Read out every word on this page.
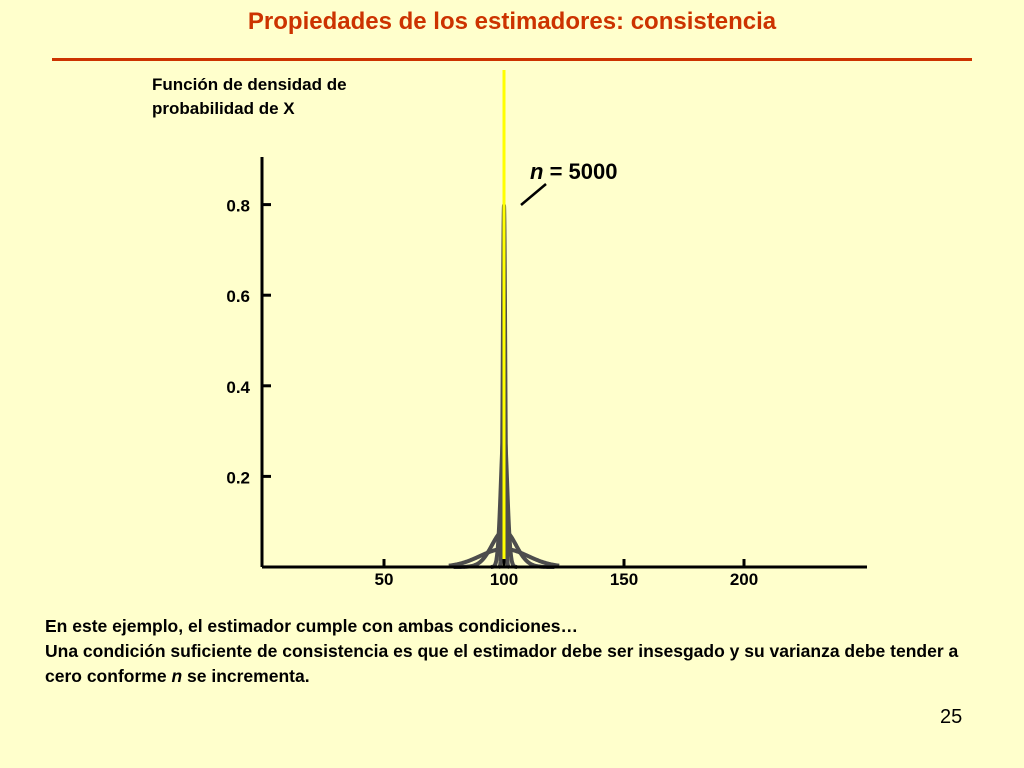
Propiedades de los estimadores: consistencia
Función de densidad de probabilidad de X
0.2
0.4
0.6
0.8
50	100	150	200
n = 5000

En este ejemplo, el estimador cumple con ambas condiciones…

Una condición suficiente de consistencia es que el estimador debe ser insesgado y su varianza debe tender a cero conforme n se incrementa.

25
